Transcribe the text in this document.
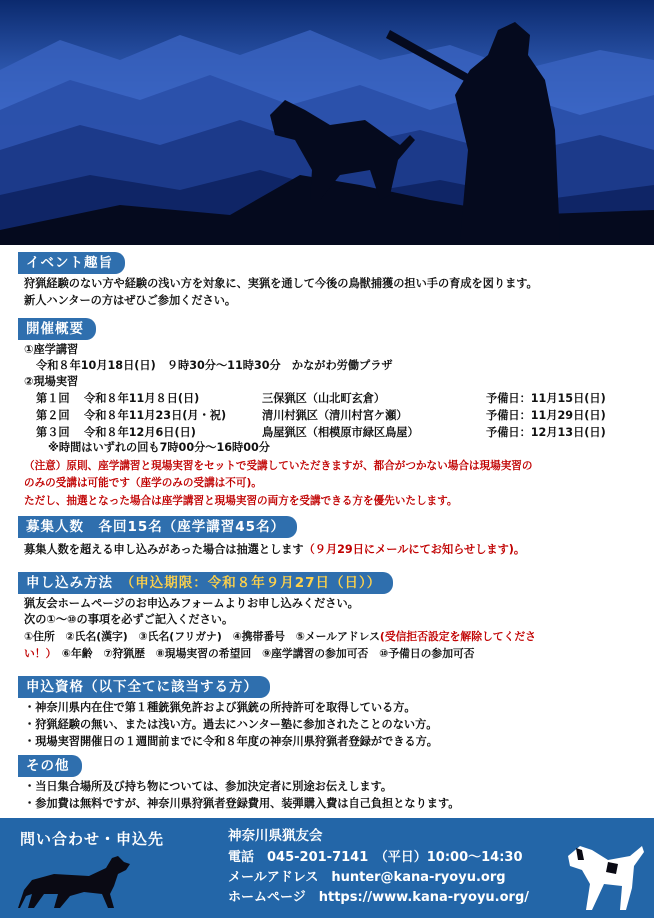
イベント趣旨
狩猟経験のない方や経験の浅い方を対象に、実猟を通して今後の鳥獣捕獲の担い手の育成を図ります。
新人ハンターの方はぜひご参加ください。
開催概要
①座学講習
令和８年10月18日(日)　９時30分～11時30分　かながわ労働プラザ
②現場実習
第１回 令和８年11月８日(日)	三保猟区（山北町玄倉）	予備日：11月15日(日)
第２回 令和８年11月23日(月・祝)	清川村猟区（清川村宮ケ瀬）	予備日：11月29日(日)
第３回 令和８年12月6日(日)	鳥屋猟区（相模原市緑区鳥屋）	予備日：12月13日(日)
※時間はいずれの回も7時00分～16時00分
（注意）原則、座学講習と現場実習をセットで受講していただきますが、都合がつかない場合は現場実習の
のみの受講は可能です（座学のみの受講は不可)。
ただし、抽選となった場合は座学講習と現場実習の両方を受講できる方を優先いたします。
募集人数　各回15名（座学講習45名）
募集人数を超える申し込みがあった場合は抽選とします（９月29日にメールにてお知らせします)。
申し込み方法　 （申込期限：令和８年９月27日（日））
猟友会ホームページのお申込みフォームよりお申し込みください。
次の①～⑩の事項を必ずご記入ください。
①住所　②氏名(漢字)　③氏名(フリガナ)　④携帯番号　⑤メールアドレス(受信拒否設定を解除してくださ
い！）　⑥年齢　⑦狩猟歴　⑧現場実習の希望回　⑨座学講習の参加可否　⑩予備日の参加可否
申込資格（以下全てに該当する方）
・神奈川県内在住で第１種銃猟免許および猟銃の所持許可を取得している方。
・狩猟経験の無い、または浅い方。過去にハンター塾に参加されたことのない方。
・現場実習開催日の１週間前までに令和８年度の神奈川県狩猟者登録ができる方。
その他
・当日集合場所及び持ち物については、参加決定者に別途お伝えします。
・参加費は無料ですが、神奈川県狩猟者登録費用、装弾購入費は自己負担となります。
問い合わせ・申込先	神奈川県猟友会
電話　045-201-7141　（平日）10:00～14:30
メールアドレス　hunter@kana-ryoyu.org
ホームページ　https://www.kana-ryoyu.org/
